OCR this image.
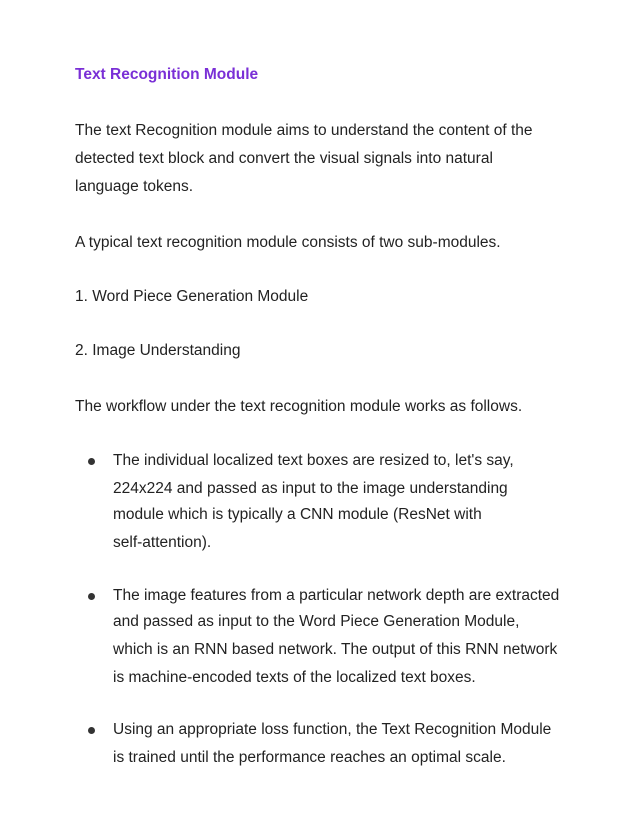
Text Recognition Module
The text Recognition module aims to understand the content of the
detected text block and convert the visual signals into natural
language tokens.
A typical text recognition module consists of two sub-modules.
1. Word Piece Generation Module
2. Image Understanding
The workflow under the text recognition module works as follows.
The individual localized text boxes are resized to, let's say,
224x224 and passed as input to the image understanding
module which is typically a CNN module (ResNet with
self-attention).
The image features from a particular network depth are extracted
and passed as input to the Word Piece Generation Module,
which is an RNN based network. The output of this RNN network
is machine-encoded texts of the localized text boxes.
Using an appropriate loss function, the Text Recognition Module
is trained until the performance reaches an optimal scale.
